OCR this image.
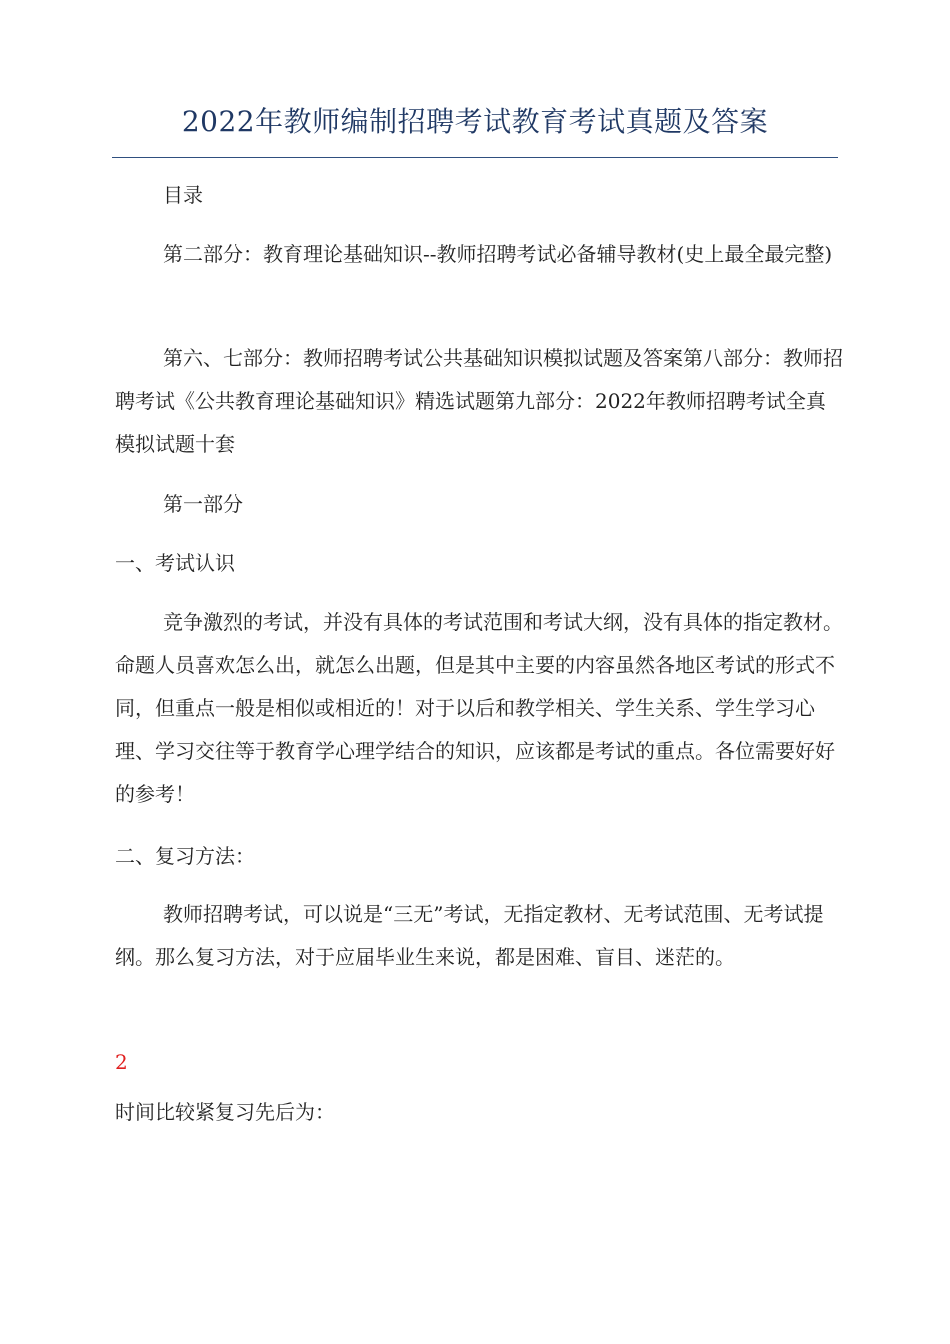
2022年教师编制招聘考试教育考试真题及答案
目录
第二部分：教育理论基础知识--教师招聘考试必备辅导教材(史上最全最完整)
第六、七部分：教师招聘考试公共基础知识模拟试题及答案第八部分：教师招聘考试《公共教育理论基础知识》精选试题第九部分：2022年教师招聘考试全真模拟试题十套
第一部分
一、考试认识
竞争激烈的考试，并没有具体的考试范围和考试大纲，没有具体的指定教材。命题人员喜欢怎么出，就怎么出题，但是其中主要的内容虽然各地区考试的形式不同，但重点一般是相似或相近的！对于以后和教学相关、学生关系、学生学习心理、学习交往等于教育学心理学结合的知识，应该都是考试的重点。各位需要好好的参考！
二、复习方法：
教师招聘考试，可以说是“三无”考试，无指定教材、无考试范围、无考试提纲。那么复习方法，对于应届毕业生来说，都是困难、盲目、迷茫的。
2
时间比较紧复习先后为：
